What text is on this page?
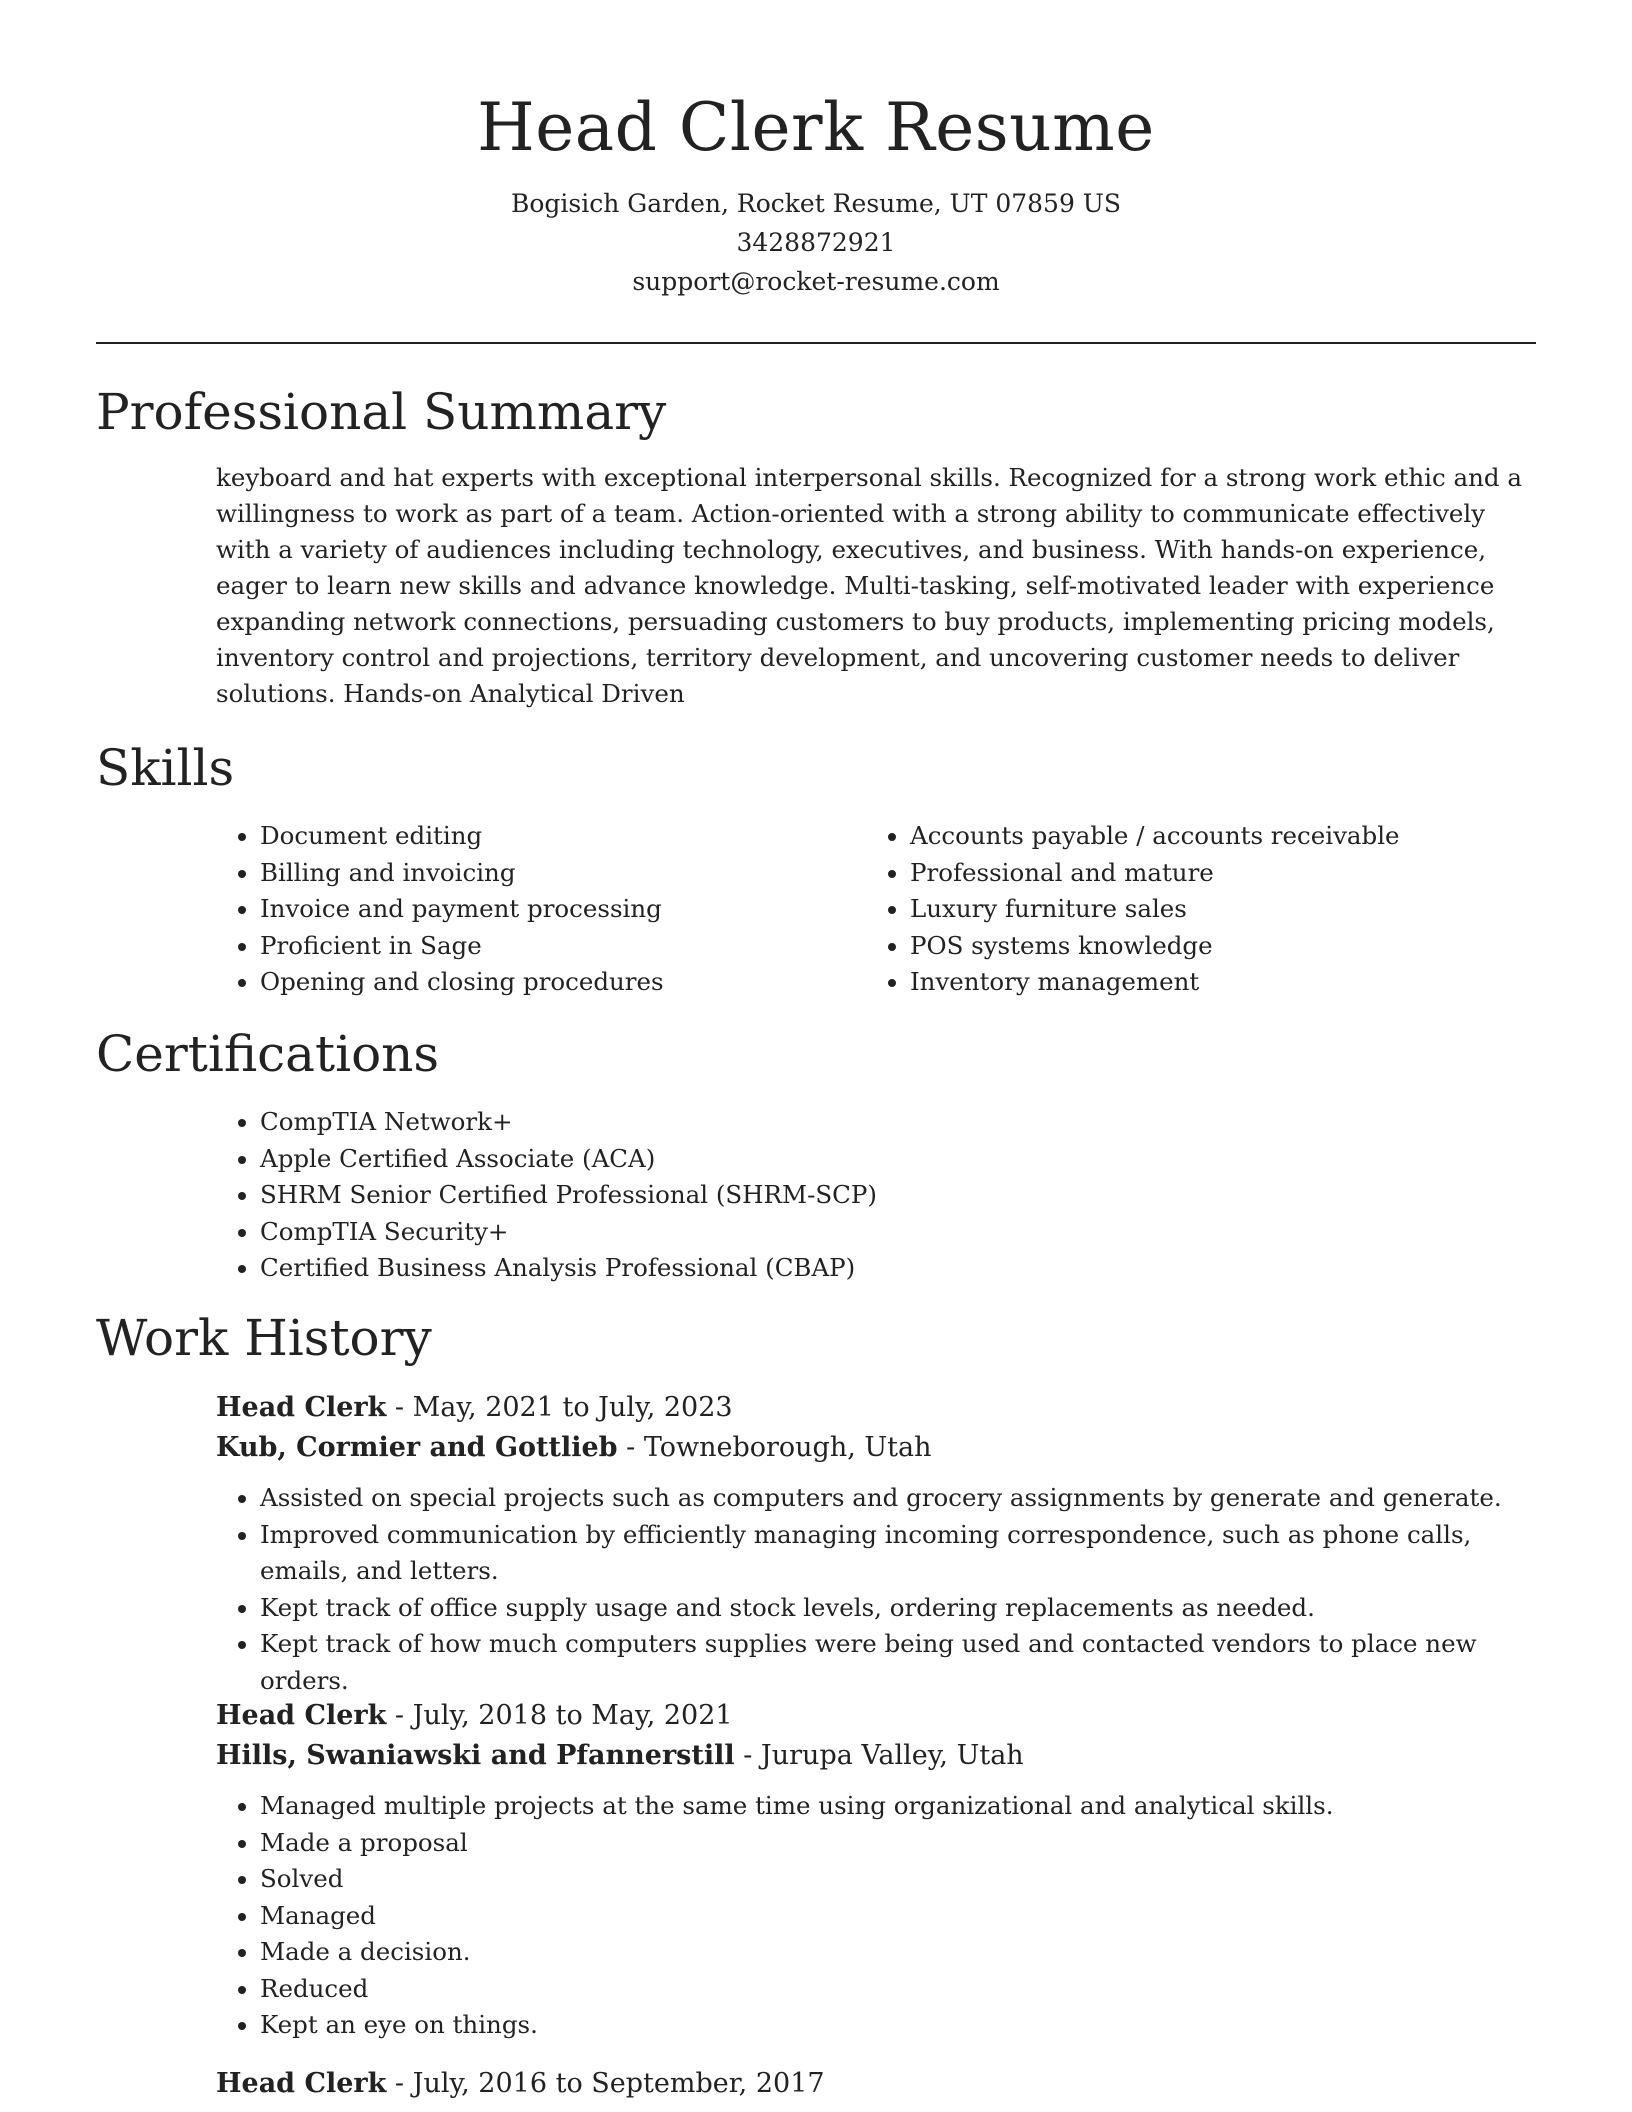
Head Clerk Resume
Bogisich Garden, Rocket Resume, UT 07859 US
3428872921
support@rocket-resume.com
Professional Summary

keyboard and hat experts with exceptional interpersonal skills. Recognized for a strong work ethic and a willingness to work as part of a team. Action-oriented with a strong ability to communicate effectively with a variety of audiences including technology, executives, and business. With hands-on experience, eager to learn new skills and advance knowledge. Multi-tasking, self-motivated leader with experience expanding network connections, persuading customers to buy products, implementing pricing models, inventory control and projections, territory development, and uncovering customer needs to deliver solutions. Hands-on Analytical Driven

Skills
• Document editing
• Billing and invoicing
• Invoice and payment processing
• Proficient in Sage
• Opening and closing procedures
• Accounts payable / accounts receivable
• Professional and mature
• Luxury furniture sales
• POS systems knowledge
• Inventory management
Certifications
• CompTIA Network+
• Apple Certified Associate (ACA)
• SHRM Senior Certified Professional (SHRM-SCP)
• CompTIA Security+
• Certified Business Analysis Professional (CBAP)
Work History
Head Clerk - May, 2021 to July, 2023
Kub, Cormier and Gottlieb - Towneborough, Utah
• Assisted on special projects such as computers and grocery assignments by generate and generate.
• Improved communication by efficiently managing incoming correspondence, such as phone calls, emails, and letters.
• Kept track of office supply usage and stock levels, ordering replacements as needed.
• Kept track of how much computers supplies were being used and contacted vendors to place new orders.
Head Clerk - July, 2018 to May, 2021
Hills, Swaniawski and Pfannerstill - Jurupa Valley, Utah
• Managed multiple projects at the same time using organizational and analytical skills.
• Made a proposal
• Solved
• Managed
• Made a decision.
• Reduced
• Kept an eye on things.
Head Clerk - July, 2016 to September, 2017
